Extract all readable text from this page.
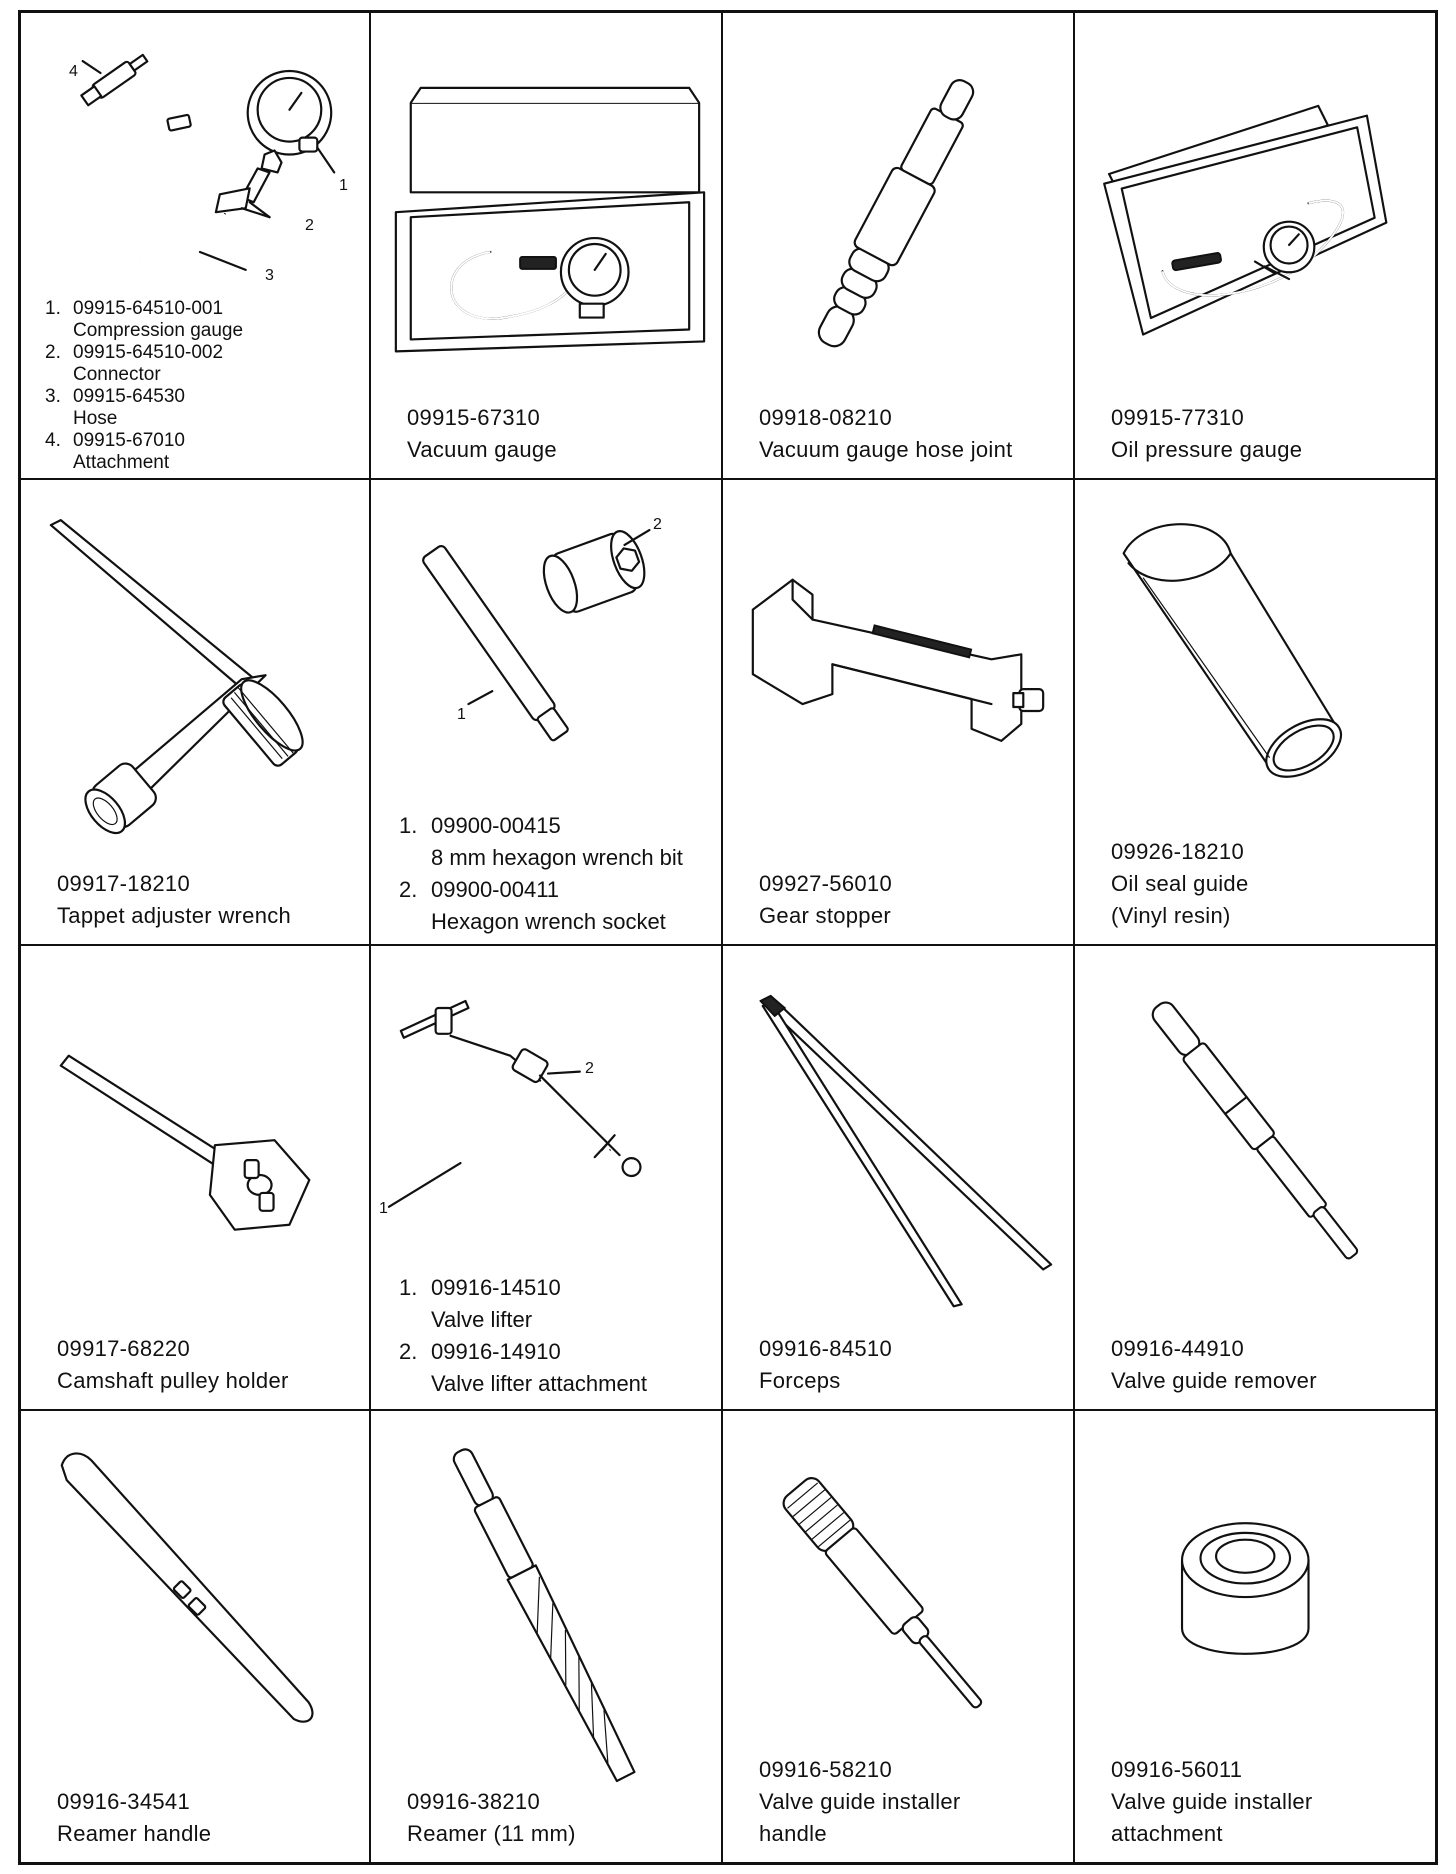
4
1
2
3
1. 09915-64510-001
Compression gauge
2. 09915-64510-002
Connector
3. 09915-64530
Hose
4. 09915-67010
Attachment
09915-67310
Vacuum gauge
09918-08210
Vacuum gauge hose joint
09915-77310
Oil pressure gauge
09917-18210
Tappet adjuster wrench
1
2
1. 09900-00415
8 mm hexagon wrench bit
2. 09900-00411
Hexagon wrench socket
09927-56010
Gear stopper
09926-18210
Oil seal guide
(Vinyl resin)
09917-68220
Camshaft pulley holder
2
1
1. 09916-14510
Valve lifter
2. 09916-14910
Valve lifter attachment
09916-84510
Forceps
09916-44910
Valve guide remover
09916-34541
Reamer handle
09916-38210
Reamer (11 mm)
09916-58210
Valve guide installer
handle
09916-56011
Valve guide installer
attachment
